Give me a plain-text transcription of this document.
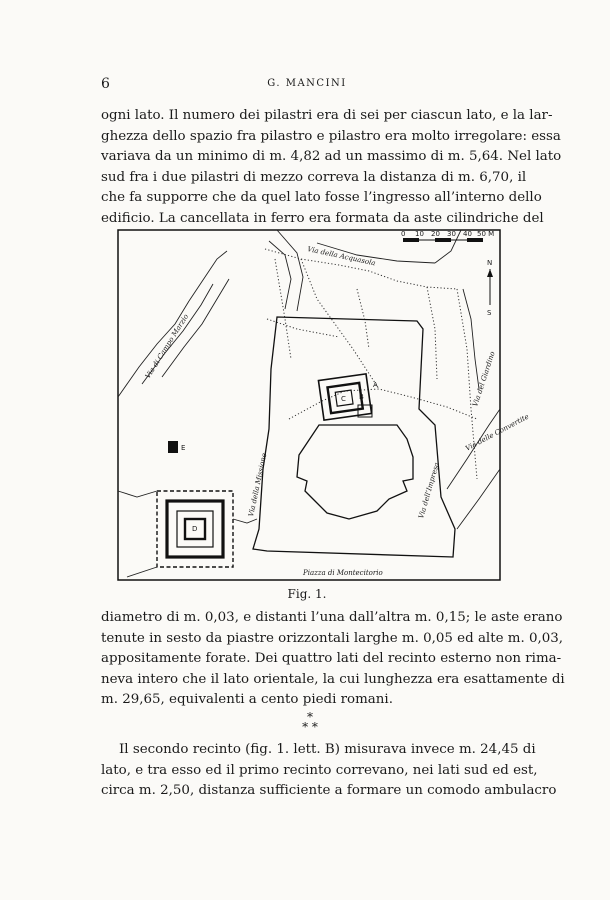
6	G. MANCINI
ogni lato. Il numero dei pilastri era di sei per ciascun lato, e la lar-
ghezza dello spazio fra pilastro e pilastro era molto irregolare: essa
variava da un minimo di m. 4,82 ad un massimo di m. 5,64. Nel lato
sud fra i due pilastri di mezzo correva la distanza di m. 6,70, il
che fa supporre che da quel lato fosse l’ingresso all’interno dello
edificio. La cancellata in ferro era formata da aste cilindriche del
0 10 20 30 40 50 M
N
S
Via della Acquasola
Via di Campo Marzio	Via del Giardino
Via della Missione	Via dell’Impresa
Via delle Convertite
Piazza di Montecitorio
A
B
C
D
E
Fig. 1.
diametro di m. 0,03, e distanti l’una dall’altra m. 0,15; le aste erano
tenute in sesto da piastre orizzontali larghe m. 0,05 ed alte m. 0,03,
appositamente forate. Dei quattro lati del recinto esterno non rima-
neva intero che il lato orientale, la cui lunghezza era esattamente di
m. 29,65, equivalenti a cento piedi romani.
*
* *
Il secondo recinto (fig. 1. lett. B) misurava invece m. 24,45 di
lato, e tra esso ed il primo recinto correvano, nei lati sud ed est,
circa m. 2,50, distanza sufficiente a formare un comodo ambulacro
